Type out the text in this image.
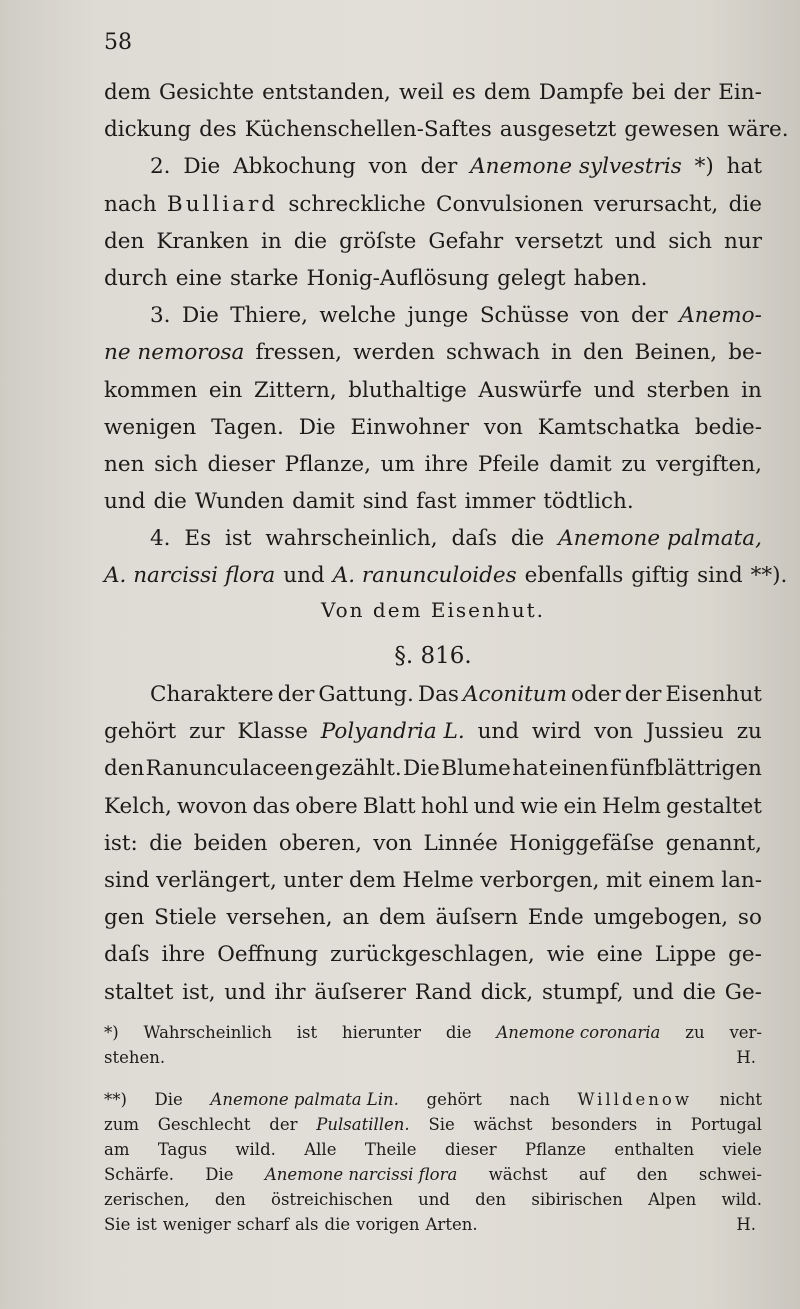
58
dem Gesichte entstanden, weil es dem Dampfe bei der Ein-
dickung des Küchenschellen-Saftes ausgesetzt gewesen wäre.
2. Die Abkochung von der Anemone sylvestris *) hat
nach Bulliard schreckliche Convulsionen verursacht, die
den Kranken in die gröſste Gefahr versetzt und sich nur
durch eine starke Honig-Auflösung gelegt haben.
3. Die Thiere, welche junge Schüsse von der Anemo-
ne nemorosa fressen, werden schwach in den Beinen, be-
kommen ein Zittern, bluthaltige Auswürfe und sterben in
wenigen Tagen. Die Einwohner von Kamtschatka bedie-
nen sich dieser Pflanze, um ihre Pfeile damit zu vergiften,
und die Wunden damit sind fast immer tödtlich.
4. Es ist wahrscheinlich, daſs die Anemone palmata,
A. narcissi flora und A. ranunculoides ebenfalls giftig sind **).
Von dem Eisenhut.
§. 816.
Charaktere der Gattung. Das Aconitum oder der Eisenhut
gehört zur Klasse Polyandria L. und wird von Jussieu zu
den Ranunculaceen gezählt. Die Blume hat einen fünfblättrigen
Kelch, wovon das obere Blatt hohl und wie ein Helm gestaltet
ist: die beiden oberen, von Linnée Honiggefäſse genannt,
sind verlängert, unter dem Helme verborgen, mit einem lan-
gen Stiele versehen, an dem äuſsern Ende umgebogen, so
daſs ihre Oeffnung zurückgeschlagen, wie eine Lippe ge-
staltet ist, und ihr äuſserer Rand dick, stumpf, und die Ge-
*) Wahrscheinlich ist hierunter die Anemone coronaria zu ver-
stehen.	H.
**) Die Anemone palmata Lin. gehört nach Willdenow nicht
zum Geschlecht der Pulsatillen. Sie wächst besonders in Portugal
am Tagus wild. Alle Theile dieser Pflanze enthalten viele
Schärfe. Die Anemone narcissi flora wächst auf den schwei-
zerischen, den östreichischen und den sibirischen Alpen wild.
Sie ist weniger scharf als die vorigen Arten.	H.
